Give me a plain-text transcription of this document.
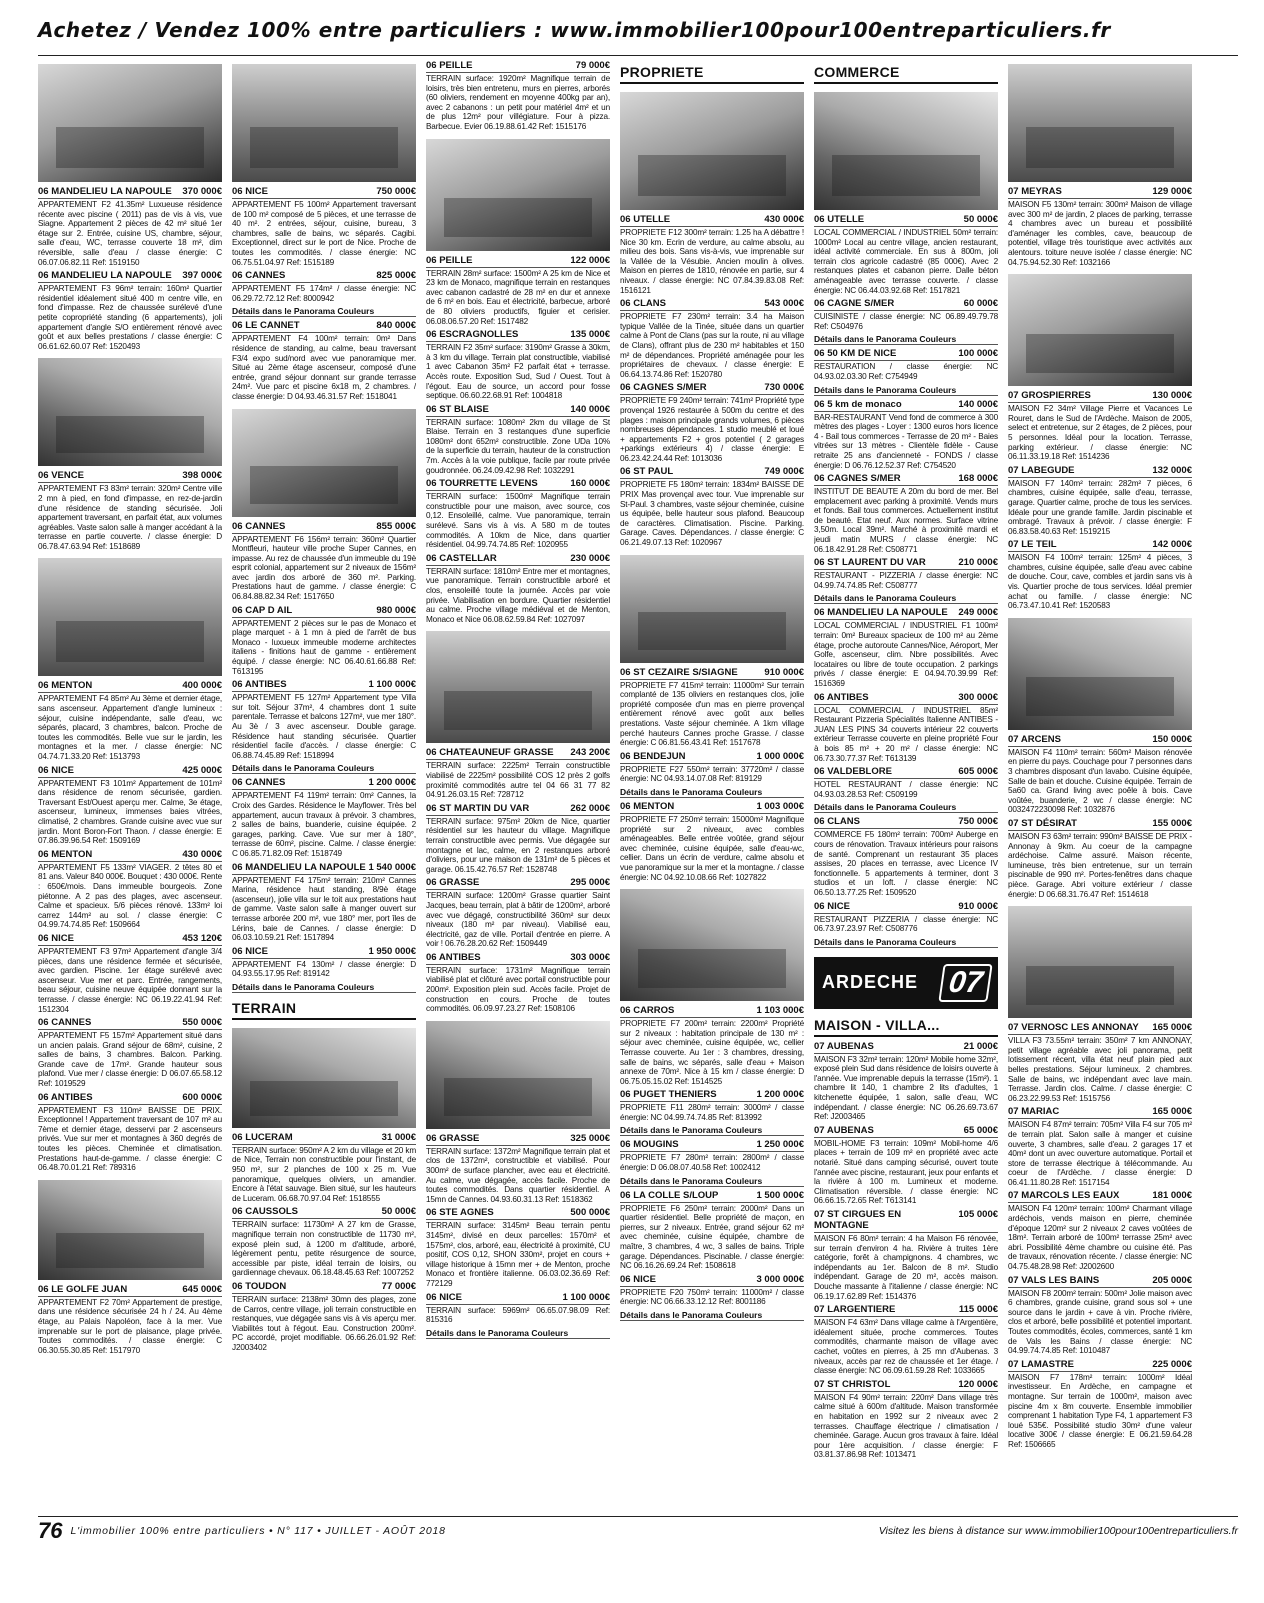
Achetez / Vendez 100% entre particuliers : www.immobilier100pour100entreparticuliers.fr
06 MANDELIEU LA NAPOULE 370 000€
APPARTEMENT F2 41.35m² Luxueuse résidence récente avec piscine ( 2011) pas de vis à vis, vue Siagne. Appartement 2 pièces de 42 m² situé 1er étage sur 2. Entrée, cuisine US, chambre, séjour, salle d'eau, WC, terrasse couverte 18 m², dim réversible, salle d'eau / classe énergie: C 06.07.06.82.11 Ref: 1519150
06 MANDELIEU LA NAPOULE 397 000€
APPARTEMENT F3 96m² terrain: 160m² Quartier résidentiel idéalement situé 400 m centre ville, en fond d'impasse. Rez de chaussée surélevé d'une petite copropriété standing (6 appartements), joli appartement d'angle S/O entièrement rénové avec goût et aux belles prestations / classe énergie: C 06.61.62.60.07 Ref: 1520493
06 VENCE	398 000€
APPARTEMENT F3 83m² terrain: 320m² Centre ville 2 mn à pied, en fond d'impasse, en rez-de-jardin d'une résidence de standing sécurisée. Joli appartement traversant, en parfait état, aux volumes agréables. Vaste salon salle à manger accédant à la terrasse en partie couverte. / classe énergie: D 06.78.47.63.94 Ref: 1518689
06 MENTON	400 000€
APPARTEMENT F4 85m² Au 3ème et dernier étage, sans ascenseur. Appartement d'angle lumineux : séjour, cuisine indépendante, salle d'eau, wc séparés, placard, 3 chambres, balcon. Proche de toutes les commodités. Belle vue sur le jardin, les montagnes et la mer. / classe énergie: NC 04.74.71.33.20 Ref: 1513793
06 NICE	425 000€
APPARTEMENT F3 101m² Appartement de 101m² dans résidence de renom sécurisée, gardien. Traversant Est/Ouest aperçu mer. Calme, 3e étage, ascenseur, lumineux, immenses baies vitrées, climatisé, 2 chambres. Grande cuisine avec vue sur jardin. Mont Boron-Fort Thaon. / classe énergie: E 07.86.39.96.54 Ref: 1509169
06 MENTON	430 000€
APPARTEMENT F5 133m² VIAGER. 2 têtes 80 et 81 ans. Valeur 840 000€. Bouquet : 430 000€. Rente : 650€/mois. Dans immeuble bourgeois. Zone piétonne. A 2 pas des plages, avec ascenseur. Calme et spacieux. 5/6 pièces rénové. 133m² loi carrez 144m² au sol. / classe énergie: C 04.99.74.74.85 Ref: 1509664
06 NICE	453 120€
APPARTEMENT F3 97m² Appartement d'angle 3/4 pièces, dans une résidence fermée et sécurisée, avec gardien. Piscine. 1er étage surélevé avec ascenseur. Vue mer et parc. Entrée, rangements, beau séjour, cuisine neuve équipée donnant sur la terrasse. / classe énergie: NC 06.19.22.41.94 Ref: 1512304
06 CANNES	550 000€
APPARTEMENT F5 157m² Appartement situé dans un ancien palais. Grand séjour de 68m², cuisine, 2 salles de bains, 3 chambres. Balcon. Parking. Grande cave de 17m². Grande hauteur sous plafond. Vue mer / classe énergie: D 06.07.65.58.12 Ref: 1019529
06 ANTIBES	600 000€
APPARTEMENT F3 110m² BAISSE DE PRIX. Exceptionnel ! Appartement traversant de 107 m² au 7ème et dernier étage, desservi par 2 ascenseurs privés. Vue sur mer et montagnes à 360 degrés de toutes les pièces. Cheminée et climatisation. Prestations haut-de-gamme. / classe énergie: C 06.48.70.01.21 Ref: 789316
06 LE GOLFE JUAN	645 000€
APPARTEMENT F2 70m² Appartement de prestige, dans une résidence sécurisée 24 h / 24. Au 4ème étage, au Palais Napoléon, face à la mer. Vue imprenable sur le port de plaisance, plage privée. Toutes commodités. / classe énergie: C 06.30.55.30.85 Ref: 1517970
06 NICE	750 000€
APPARTEMENT F5 100m² Appartement traversant de 100 m² composé de 5 pièces, et une terrasse de 40 m². 2 entrées, séjour, cuisine, bureau, 3 chambres, salle de bains, wc séparés. Cagibi. Exceptionnel, direct sur le port de Nice. Proche de toutes les commodités. / classe énergie: NC 06.75.51.04.97 Ref: 1515189
06 CANNES	825 000€
APPARTEMENT F5 174m² / classe énergie: NC 06.29.72.72.12 Ref: 8000942
Détails dans le Panorama Couleurs
06 LE CANNET	840 000€
APPARTEMENT F4 100m² terrain: 0m² Dans résidence de standing, au calme, beau traversant F3/4 expo sud/nord avec vue panoramique mer. Situé au 2ème étage ascenseur, composé d'une entrée, grand séjour donnant sur grande terrasse 24m². Vue parc et piscine 6x18 m, 2 chambres. / classe énergie: D 04.93.46.31.57 Ref: 1518041
06 CANNES	855 000€
APPARTEMENT F6 156m² terrain: 360m² Quartier Montfleuri, hauteur ville proche Super Cannes, en impasse. Au rez de chaussée d'un immeuble du 19è esprit colonial, appartement sur 2 niveaux de 156m² avec jardin dos arboré de 360 m². Parking. Prestations haut de gamme. / classe énergie: C 06.84.88.82.34 Ref: 1517650
06 CAP D AIL	980 000€
APPARTEMENT 2 pièces sur le pas de Monaco et plage marquet - à 1 mn à pied de l'arrêt de bus Monaco - luxueux immeuble moderne architectes italiens - finitions haut de gamme - entièrement équipé. / classe énergie: NC 06.40.61.66.88 Ref: T613195
06 ANTIBES	1 100 000€
APPARTEMENT F5 127m² Appartement type Villa sur toit. Séjour 37m², 4 chambres dont 1 suite parentale. Terrasse et balcons 127m², vue mer 180°. Au 3è / 3 avec ascenseur. Double garage. Résidence haut standing sécurisée. Quartier résidentiel facile d'accès. / classe énergie: C 06.88.74.45.89 Ref: 1518994
Détails dans le Panorama Couleurs
06 CANNES	1 200 000€
APPARTEMENT F4 119m² terrain: 0m² Cannes, la Croix des Gardes. Résidence le Mayflower. Très bel appartement, aucun travaux à prévoir. 3 chambres, 2 salles de bains, buanderie, cuisine équipée. 2 garages, parking. Cave. Vue sur mer à 180°, terrasse de 60m², piscine. Calme. / classe énergie: C 06.85.71.82.09 Ref: 1518749
06 MANDELIEU LA NAPOULE 1 540 000€
APPARTEMENT F4 175m² terrain: 210m² Cannes Marina, résidence haut standing, 8/9è étage (ascenseur), jolie villa sur le toit aux prestations haut de gamme. Vaste salon salle à manger ouvert sur terrasse arborée 200 m², vue 180° mer, port îles de Lérins, baie de Cannes. / classe énergie: D 06.03.10.59.21 Ref: 1517894
06 NICE	1 950 000€
APPARTEMENT F4 130m² / classe énergie: D 04.93.55.17.95 Ref: 819142
Détails dans le Panorama Couleurs
TERRAIN
06 LUCERAM	31 000€
TERRAIN surface: 950m² A 2 km du village et 20 km de Nice, Terrain non constructible pour l'instant, de 950 m², sur 2 planches de 100 x 25 m. Vue panoramique, quelques oliviers, un amandier. Encore à l'état sauvage. Bien situé, sur les hauteurs de Luceram. 06.68.70.97.04 Ref: 1518555
06 CAUSSOLS	50 000€
TERRAIN surface: 11730m² A 27 km de Grasse, magnifique terrain non constructible de 11730 m², exposé plein sud, à 1200 m d'altitude, arboré, légèrement pentu, petite résurgence de source, accessible par piste, idéal terrain de loisirs, ou gardiennage chevaux. 06.18.48.45.63 Ref: 1007252
06 TOUDON	77 000€
TERRAIN surface: 2138m² 30mn des plages, zone de Carros, centre village, joli terrain constructible en restanques, vue dégagée sans vis à vis aperçu mer. Viabilités tout à l'égout. Eau. Construction 200m². PC accordé, projet modifiable. 06.66.26.01.92 Ref: J2003402
06 PEILLE	79 000€
TERRAIN surface: 1920m² Magnifique terrain de loisirs, très bien entretenu, murs en pierres, arborés (60 oliviers, rendement en moyenne 400kg par an), avec 2 cabanons : un petit pour matériel 4m² et un de plus 12m² pour villégiature. Four à pizza. Barbecue. Evier 06.19.88.61.42 Ref: 1515176
06 PEILLE	122 000€
TERRAIN 28m² surface: 1500m² A 25 km de Nice et 23 km de Monaco, magnifique terrain en restanques avec cabanon cadastré de 28 m² en dur et annexe de 6 m² en bois. Eau et électricité, barbecue, arboré de 80 oliviers productifs, figuier et cerisier. 06.08.06.57.20 Ref: 1517482
06 ESCRAGNOLLES	135 000€
TERRAIN F2 35m² surface: 3190m² Grasse à 30km, à 3 km du village. Terrain plat constructible, viabilisé 1 avec Cabanon 35m² F2 parfait état + terrasse. Accès route. Exposition Sud, Sud / Ouest. Tout à l'égout. Eau de source, un accord pour fosse septique. 06.60.22.68.91 Ref: 1004818
06 ST BLAISE	140 000€
TERRAIN surface: 1080m² 2km du village de St Blaise. Terrain en 3 restanques d'une superficie 1080m² dont 652m² constructible. Zone UDa 10% de la superficie du terrain, hauteur de la construction 7m. Accès à la voie publique, facile par route privée goudronnée. 06.24.09.42.98 Ref: 1032291
06 TOURRETTE LEVENS	160 000€
TERRAIN surface: 1500m² Magnifique terrain constructible pour une maison, avec source, cos 0,12. Ensoleillé, calme. Vue panoramique, terrain surélevé. Sans vis à vis. A 580 m de toutes commodités. A 10km de Nice, dans quartier résidentiel. 04.99.74.74.85 Ref: 1020955
06 CASTELLAR	230 000€
TERRAIN surface: 1810m² Entre mer et montagnes, vue panoramique. Terrain constructible arboré et clos, ensoleillé toute la journée. Accès par voie privée. Viabilisation en bordure. Quartier résidentiel au calme. Proche village médiéval et de Menton, Monaco et Nice 06.08.62.59.84 Ref: 1027097
06 CHATEAUNEUF GRASSE 243 200€
TERRAIN surface: 2225m² Terrain constructible viabilisé de 2225m² possibilité COS 12 près 2 golfs proximité commodités autre tel 04 66 31 77 82 04.91.26.03.15 Ref: 728712
06 ST MARTIN DU VAR	262 000€
TERRAIN surface: 975m² 20km de Nice, quartier résidentiel sur les hauteur du village. Magnifique terrain constructible avec permis. Vue dégagée sur montagne et lac, calme, en 2 restanques arboré d'oliviers, pour une maison de 131m² de 5 pièces et garage. 06.15.42.76.57 Ref: 1528748
06 GRASSE	295 000€
TERRAIN surface: 1200m² Grasse quartier Saint Jacques, beau terrain, plat à bâtir de 1200m², arboré avec vue dégagé, constructibilité 360m² sur deux niveaux (180 m² par niveau). Viabilisé eau, électricité, gaz de ville. Portail d'entrée en pierre. A voir ! 06.76.28.20.62 Ref: 1509449
06 ANTIBES	303 000€
TERRAIN surface: 1731m² Magnifique terrain viabilisé plat et clôturé avec portail constructible pour 200m². Exposition plein sud. Accès facile. Projet de construction en cours. Proche de toutes commodités. 06.09.97.23.27 Ref: 1508106
06 GRASSE	325 000€
TERRAIN surface: 1372m² Magnifique terrain plat et clos de 1372m², constructible et viabilisé. Pour 300m² de surface plancher, avec eau et électricité. Au calme, vue dégagée, accès facile. Proche de toutes commodités. Dans quartier résidentiel. A 15mn de Cannes. 04.93.60.31.13 Ref: 1518362
06 STE AGNES	500 000€
TERRAIN surface: 3145m² Beau terrain pentu 3145m², divisé en deux parcelles: 1570m² et 1575m², clos, arboré, eau, électricité à proximité, CU positif, COS 0,12, SHON 330m², projet en cours + village historique à 15mn mer + de Menton, proche Monaco et frontière italienne. 06.03.02.36.69 Ref: 772129
06 NICE	1 100 000€
TERRAIN surface: 5969m² 06.65.07.98.09 Ref: 815316
Détails dans le Panorama Couleurs
PROPRIETE
06 UTELLE	430 000€
PROPRIETE F12 300m² terrain: 1.25 ha A débattre ! Nice 30 km. Ecrin de verdure, au calme absolu, au milieu des bois. Sans vis-à-vis, vue imprenable sur la Vallée de la Vésubie. Ancien moulin à olives. Maison en pierres de 1810, rénovée en partie, sur 4 niveaux. / classe énergie: NC 07.84.39.83.08 Ref: 1516121
06 CLANS	543 000€
PROPRIETE F7 230m² terrain: 3.4 ha Maison typique Vallée de la Tinée, située dans un quartier calme à Pont de Clans (pas sur la route, ni au village de Clans), offrant plus de 230 m² habitables et 150 m² de dépendances. Propriété aménagée pour les propriétaires de chevaux. / classe énergie: E 06.64.13.74.86 Ref: 1520780
06 CAGNES S/MER	730 000€
PROPRIETE F9 240m² terrain: 741m² Propriété type provençal 1926 restaurée à 500m du centre et des plages : maison principale grands volumes, 6 pièces nombreuses dépendances. 1 studio meublé et loué + appartements F2 + gros potentiel ( 2 garages +parkings extérieurs 4) / classe énergie: E 06.23.42.24.44 Ref: 1013036
06 ST PAUL	749 000€
PROPRIETE F5 180m² terrain: 1834m² BAISSE DE PRIX Mas provençal avec tour. Vue imprenable sur St-Paul. 3 chambres, vaste séjour cheminée, cuisine us équipée, belle hauteur sous plafond. Beaucoup de caractères. Climatisation. Piscine. Parking. Garage. Caves. Dépendances. / classe énergie: C 06.21.49.07.13 Ref: 1020967
06 ST CEZAIRE S/SIAGNE	910 000€
PROPRIETE F7 415m² terrain: 11000m² Sur terrain complanté de 135 oliviers en restanques clos, jolie propriété composée d'un mas en pierre provençal entièrement rénové avec goût aux belles prestations. Vaste séjour cheminée. A 1km village perché hauteurs Cannes proche Grasse. / classe énergie: C 06.81.56.43.41 Ref: 1517678
06 BENDEJUN	1 000 000€
PROPRIETE F27 550m² terrain: 37720m² / classe énergie: NC 04.93.14.07.08 Ref: 819129
Détails dans le Panorama Couleurs
06 MENTON	1 003 000€
PROPRIETE F7 250m² terrain: 15000m² Magnifique propriété sur 2 niveaux, avec combles aménageables. Belle entrée voûtée, grand séjour avec cheminée, cuisine équipée, salle d'eau-wc, cellier. Dans un écrin de verdure, calme absolu et vue panoramique sur la mer et la montagne. / classe énergie: NC 04.92.10.08.66 Ref: 1027822
06 CARROS	1 103 000€
PROPRIETE F7 200m² terrain: 2200m² Propriété sur 2 niveaux : habitation principale de 130 m² : séjour avec cheminée, cuisine équipée, wc, cellier Terrasse couverte. Au 1er : 3 chambres, dressing, salle de bains, wc séparés, salle d'eau + Maison annexe de 70m². Nice à 15 km / classe énergie: D 06.75.05.15.02 Ref: 1514525
06 PUGET THENIERS	1 200 000€
PROPRIETE F11 280m² terrain: 3000m² / classe énergie: NC 04.99.74.74.85 Ref: 813992
Détails dans le Panorama Couleurs
06 MOUGINS	1 250 000€
PROPRIETE F7 280m² terrain: 2800m² / classe énergie: D 06.08.07.40.58 Ref: 1002412
Détails dans le Panorama Couleurs
06 LA COLLE S/LOUP	1 500 000€
PROPRIETE F6 250m² terrain: 2000m² Dans un quartier résidentiel. Belle propriété de maçon, en pierres, sur 2 niveaux. Entrée, grand séjour 62 m² avec cheminée, cuisine équipée, chambre de maître, 3 chambres, 4 wc, 3 salles de bains. Triple garage. Dépendances. Piscinable. / classe énergie: NC 06.16.26.69.24 Ref: 1508618
06 NICE	3 000 000€
PROPRIETE F20 750m² terrain: 11000m² / classe énergie: NC 06.66.33.12.12 Ref: 8001186
Détails dans le Panorama Couleurs
COMMERCE
06 UTELLE	50 000€
LOCAL COMMERCIAL / INDUSTRIEL 50m² terrain: 1000m² Local au centre village, ancien restaurant, idéal activité commerciale. En sus à 800m, joli terrain clos agricole cadastré (85 000€). Avec 2 restanques plates et cabanon pierre. Dalle béton aménageable avec terrasse couverte. / classe énergie: NC 06.44.03.92.68 Ref: 1517821
06 CAGNE S/MER	60 000€
CUISINISTE / classe énergie: NC 06.89.49.79.78 Ref: C504976
Détails dans le Panorama Couleurs
06 50 KM DE NICE	100 000€
RESTAURATION / classe énergie: NC 04.93.02.03.30 Ref: C754949
Détails dans le Panorama Couleurs
06 5 km de monaco	140 000€
BAR-RESTAURANT Vend fond de commerce à 300 mètres des plages - Loyer : 1300 euros hors licence 4 - Bail tous commerces - Terrasse de 20 m² - Baies vitrées sur 13 mètres - Clientèle fidèle - Cause retraite 25 ans d'ancienneté - FONDS / classe énergie: D 06.76.12.52.37 Ref: C754520
06 CAGNES S/MER	168 000€
INSTITUT DE BEAUTE A 20m du bord de mer. Bel emplacement avec parking à proximité. Vends murs et fonds. Bail tous commerces. Actuellement institut de beauté. Etat neuf. Aux normes. Surface vitrine 3,50m. Local 39m². Marché à proximité mardi et jeudi matin MURS / classe énergie: NC 06.18.42.91.28 Ref: C508771
06 ST LAURENT DU VAR	210 000€
RESTAURANT - PIZZERIA / classe énergie: NC 04.99.74.74.85 Ref: C508777
Détails dans le Panorama Couleurs
06 MANDELIEU LA NAPOULE 249 000€
LOCAL COMMERCIAL / INDUSTRIEL F1 100m² terrain: 0m² Bureaux spacieux de 100 m² au 2ème étage, proche autoroute Cannes/Nice, Aéroport, Mer Golfe, ascenseur, clim. Nbre possibilités. Avec locataires ou libre de toute occupation. 2 parkings privés / classe énergie: E 04.94.70.39.99 Ref: 1516369
06 ANTIBES	300 000€
LOCAL COMMERCIAL / INDUSTRIEL 85m² Restaurant Pizzeria Spécialités Italienne ANTIBES - JUAN LES PINS 34 couverts intérieur 22 couverts extérieur Terrasse couverte en pleine propriété Four à bois 85 m² + 20 m² / classe énergie: NC 06.73.30.77.37 Ref: T613139
06 VALDEBLORE	605 000€
HOTEL RESTAURANT / classe énergie: NC 04.93.03.28.53 Ref: C509199
Détails dans le Panorama Couleurs
06 CLANS	750 000€
COMMERCE F5 180m² terrain: 700m² Auberge en cours de rénovation. Travaux intérieurs pour raisons de santé. Comprenant un restaurant 35 places assises, 20 places en terrasse, avec Licence IV fonctionnelle. 5 appartements à terminer, dont 3 studios et un loft. / classe énergie: NC 06.50.13.77.25 Ref: 1509520
06 NICE	910 000€
RESTAURANT PIZZERIA / classe énergie: NC 06.73.97.23.97 Ref: C508776
Détails dans le Panorama Couleurs
ARDECHE 07
MAISON - VILLA...
07 AUBENAS	21 000€
MAISON F3 32m² terrain: 120m² Mobile home 32m², exposé plein Sud dans résidence de loisirs ouverte à l'année. Vue imprenable depuis la terrasse (15m²). 1 chambre lit 140, 1 chambre 2 lits d'adultes, 1 kitchenette équipée, 1 salon, salle d'eau, WC indépendant. / classe énergie: NC 06.26.69.73.67 Ref: J2003465
07 AUBENAS	65 000€
MOBIL-HOME F3 terrain: 109m² Mobil-home 4/6 places + terrain de 109 m² en propriété avec acte notarié. Situé dans camping sécurisé, ouvert toute l'année avec piscine, restaurant, jeux pour enfants et la rivière à 100 m. Lumineux et moderne. Climatisation réversible. / classe énergie: NC 06.66.15.72.65 Ref: T613141
07 ST CIRGUES EN MONTAGNE
105 000€
MAISON F6 80m² terrain: 4 ha Maison F6 rénovée, sur terrain d'environ 4 ha. Rivière à truites 1ère catégorie, forêt à champignons. 4 chambres, wc indépendants au 1er. Balcon de 8 m². Studio indépendant. Garage de 20 m², accès maison. Douche massante à l'italienne / classe énergie: NC 06.19.17.62.89 Ref: 1514376
07 LARGENTIERE	115 000€
MAISON F4 63m² Dans village calme à l'Argentière, idéalement située, proche commerces. Toutes commodités, charmante maison de village avec cachet, voûtes en pierres, à 25 mn d'Aubenas. 3 niveaux, accès par rez de chaussée et 1er étage. / classe énergie: NC 06.09.61.59.28 Ref: 1033665
07 ST CHRISTOL	120 000€
MAISON F4 90m² terrain: 220m² Dans village très calme situé à 600m d'altitude. Maison transformée en habitation en 1992 sur 2 niveaux avec 2 terrasses. Chauffage électrique / climatisation / cheminée. Garage. Aucun gros travaux à faire. Idéal pour 1ère acquisition. / classe énergie: F 03.81.37.86.98 Ref: 1013471
07 MEYRAS	129 000€
MAISON F5 130m² terrain: 300m² Maison de village avec 300 m² de jardin, 2 places de parking, terrasse 4 chambres avec un bureau et possibilité d'aménager les combles, cave, beaucoup de potentiel, village très touristique avec activités aux alentours. toiture neuve isolée / classe énergie: NC 04.75.94.52.30 Ref: 1032166
07 GROSPIERRES	130 000€
MAISON F2 34m² Village Pierre et Vacances Le Rouret, dans le Sud de l'Ardèche. Maison de 2005, select et entretenue, sur 2 étages, de 2 pièces, pour 5 personnes. Idéal pour la location. Terrasse, parking extérieur. / classe énergie: NC 06.11.33.19.18 Ref: 1514236
07 LABEGUDE	132 000€
MAISON F7 140m² terrain: 282m² 7 pièces, 6 chambres, cuisine équipée, salle d'eau, terrasse, garage. Quartier calme, proche de tous les services. Idéale pour une grande famille. Jardin piscinable et ombragé. Travaux à prévoir. / classe énergie: F 06.83.58.40.63 Ref: 1519215
07 LE TEIL	142 000€
MAISON F4 100m² terrain: 125m² 4 pièces, 3 chambres, cuisine équipée, salle d'eau avec cabine de douche. Cour, cave, combles et jardin sans vis à vis. Quartier proche de tous services. Idéal premier achat ou famille. / classe énergie: NC 06.73.47.10.41 Ref: 1520583
07 ARCENS	150 000€
MAISON F4 110m² terrain: 560m² Maison rénovée en pierre du pays. Couchage pour 7 personnes dans 3 chambres disposant d'un lavabo. Cuisine équipée, Salle de bain et douche. Cuisine équipée. Terrain de 5a60 ca. Grand living avec poêle à bois. Cave voûtée, buanderie, 2 wc / classe énergie: NC 0032472230098 Ref: 1032876
07 ST DÉSIRAT	155 000€
MAISON F3 63m² terrain: 990m² BAISSE DE PRIX - Annonay à 9km. Au coeur de la campagne ardéchoise. Calme assuré. Maison récente, lumineuse, très bien entretenue, sur un terrain piscinable de 990 m². Portes-fenêtres dans chaque pièce. Garage. Abri voiture extérieur / classe énergie: D 06.68.31.76.47 Ref: 1514618
07 VERNOSC LES ANNONAY 165 000€
VILLA F3 73.55m² terrain: 350m² 7 km ANNONAY, petit village agréable avec joli panorama, petit lotissement récent, villa état neuf plain pied aux belles prestations. Séjour lumineux. 2 chambres. Salle de bains, wc indépendant avec lave main. Terrasse. Jardin clos. Calme. / classe énergie: C 06.23.22.99.53 Ref: 1515756
07 MARIAC	165 000€
MAISON F4 87m² terrain: 705m² Villa F4 sur 705 m² de terrain plat. Salon salle à manger et cuisine ouverte, 3 chambres, salle d'eau. 2 garages 17 et 40m² dont un avec ouverture automatique. Portail et store de terrasse électrique à télécommande. Au coeur de l'Ardèche. / classe énergie: D 06.41.11.80.28 Ref: 1517154
07 MARCOLS LES EAUX	181 000€
MAISON F4 120m² terrain: 100m² Charmant village ardéchois, vends maison en pierre, cheminée d'époque 120m² sur 2 niveaux 2 caves voûtées de 18m². Terrain arboré de 100m² terrasse 25m² avec abri. Possibilité 4ème chambre ou cuisine été. Pas de travaux, rénovation récente. / classe énergie: NC 04.75.48.28.98 Ref: J2002600
07 VALS LES BAINS	205 000€
MAISON F8 200m² terrain: 500m² Jolie maison avec 6 chambres, grande cuisine, grand sous sol + une source dans le jardin + cave à vin. Proche rivière, clos et arboré, belle possibilité et potentiel important. Toutes commodités, écoles, commerces, santé 1 km de Vals les Bains / classe énergie: NC 04.99.74.74.85 Ref: 1010487
07 LAMASTRE	225 000€
MAISON F7 178m² terrain: 1000m² Idéal investisseur. En Ardèche, en campagne et montagne. Sur terrain de 1000m², maison avec piscine 4m x 8m couverte. Ensemble immobilier comprenant 1 habitation Type F4, 1 appartement F3 loué 535€. Possibilité studio 30m² d'une valeur locative 300€ / classe énergie: E 06.21.59.64.28 Ref: 1506665
76 L'immobilier 100% entre particuliers • N° 117 • JUILLET - AOÛT 2018	Visitez les biens à distance sur www.immobilier100pour100entreparticuliers.fr
